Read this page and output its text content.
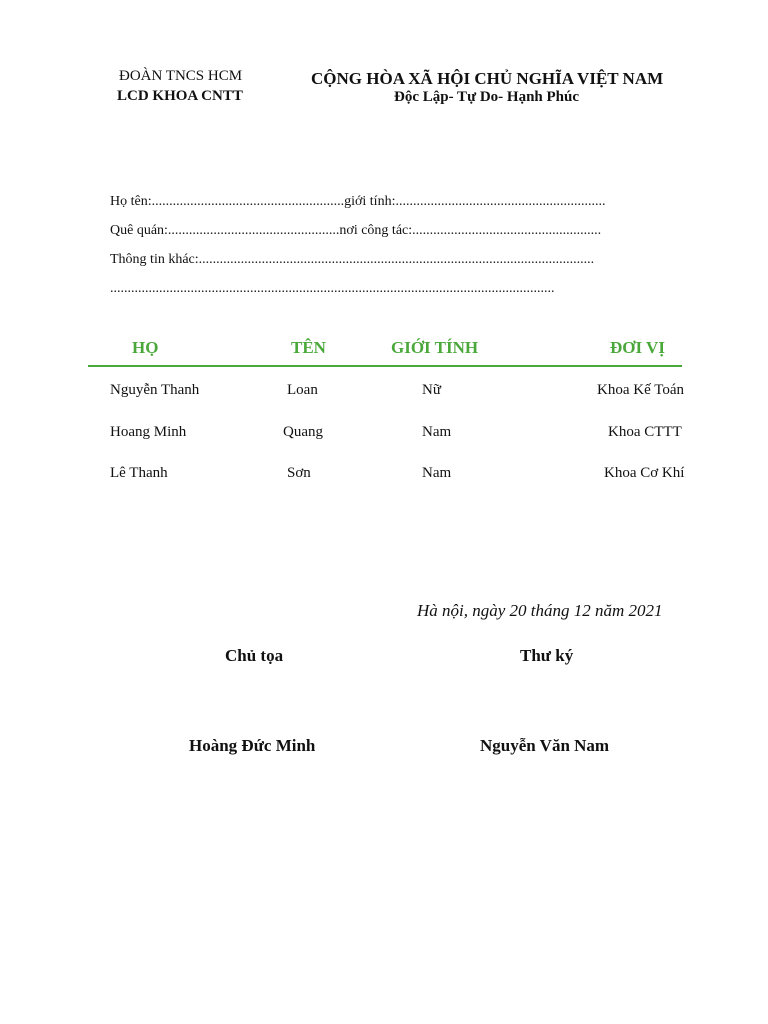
ĐOÀN TNCS HCM
LCD KHOA CNTT
CỘNG HÒA XÃ HỘI CHỦ NGHĨA VIỆT NAM
Độc Lập- Tự Do- Hạnh Phúc
Họ tên:.......................................................giới tính:............................................................
Quê quán:.................................................nơi công tác:......................................................
Thông tin khác:.................................................................................................................
...............................................................................................................................
HỌ	TÊN	GIỚI TÍNH	ĐƠI VỊ
Nguyễn Thanh	Loan	Nữ	Khoa Kế Toán
Hoang Minh	Quang	Nam	Khoa CTTT
Lê Thanh	Sơn	Nam	Khoa Cơ Khí
Hà nội, ngày 20 tháng 12 năm 2021
Chủ tọa	Thư ký
Hoàng Đức Minh	Nguyễn Văn Nam
